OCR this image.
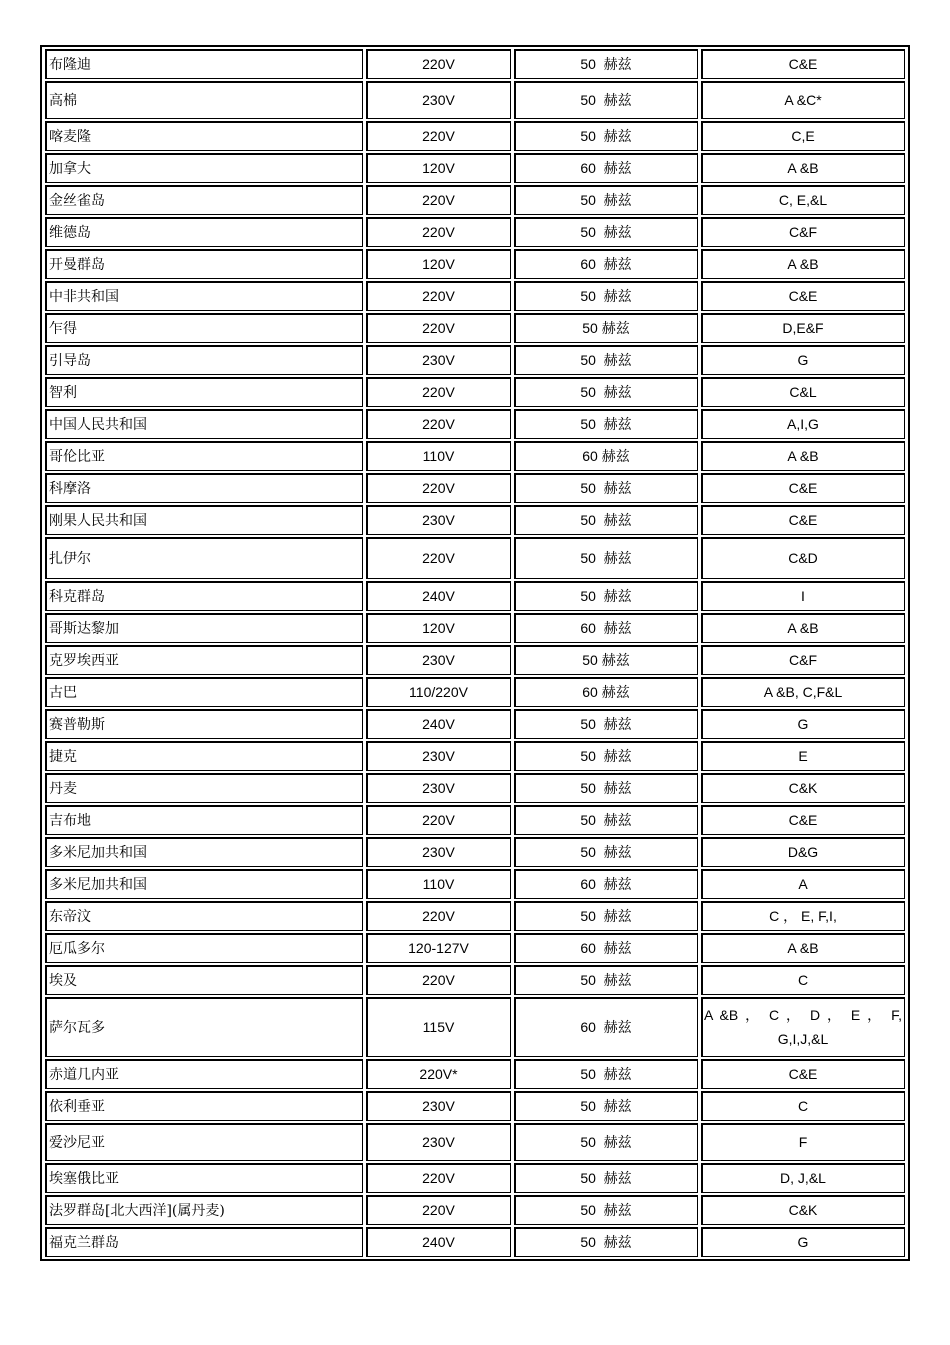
布隆迪	220V	50 赫兹	C&E
高棉	230V	50 赫兹	A &C*
喀麦隆	220V	50 赫兹	C,E
加拿大	120V	60 赫兹	A &B
金丝雀岛	220V	50 赫兹	C, E,&L
维德岛	220V	50 赫兹	C&F
开曼群岛	120V	60 赫兹	A &B
中非共和国	220V	50 赫兹	C&E
乍得	220V	50 赫兹	D,E&F
引导岛	230V	50 赫兹	G
智利	220V	50 赫兹	C&L
中国人民共和国	220V	50 赫兹	A,I,G
哥伦比亚	110V	60 赫兹	A &B
科摩洛	220V	50 赫兹	C&E
刚果人民共和国	230V	50 赫兹	C&E
扎伊尔	220V	50 赫兹	C&D
科克群岛	240V	50 赫兹	I
哥斯达黎加	120V	60 赫兹	A &B
克罗埃西亚	230V	50 赫兹	C&F
古巴	110/220V	60 赫兹	A &B, C,F&L
赛普勒斯	240V	50 赫兹	G
捷克	230V	50 赫兹	E
丹麦	230V	50 赫兹	C&K
吉布地	220V	50 赫兹	C&E
多米尼加共和国	230V	50 赫兹	D&G
多米尼加共和国	110V	60 赫兹	A
东帝汶	220V	50 赫兹	C ， E, F,I,
厄瓜多尔	120-127V	60 赫兹	A &B
埃及	220V	50 赫兹	C
萨尔瓦多	115V	60 赫兹	A &B ， C ， D ， E ， F, G,I,J,&L
赤道几内亚	220V*	50 赫兹	C&E
依利垂亚	230V	50 赫兹	C
爱沙尼亚	230V	50 赫兹	F
埃塞俄比亚	220V	50 赫兹	D, J,&L
法罗群岛[北大西洋](属丹麦)	220V	50 赫兹	C&K
福克兰群岛	240V	50 赫兹	G
